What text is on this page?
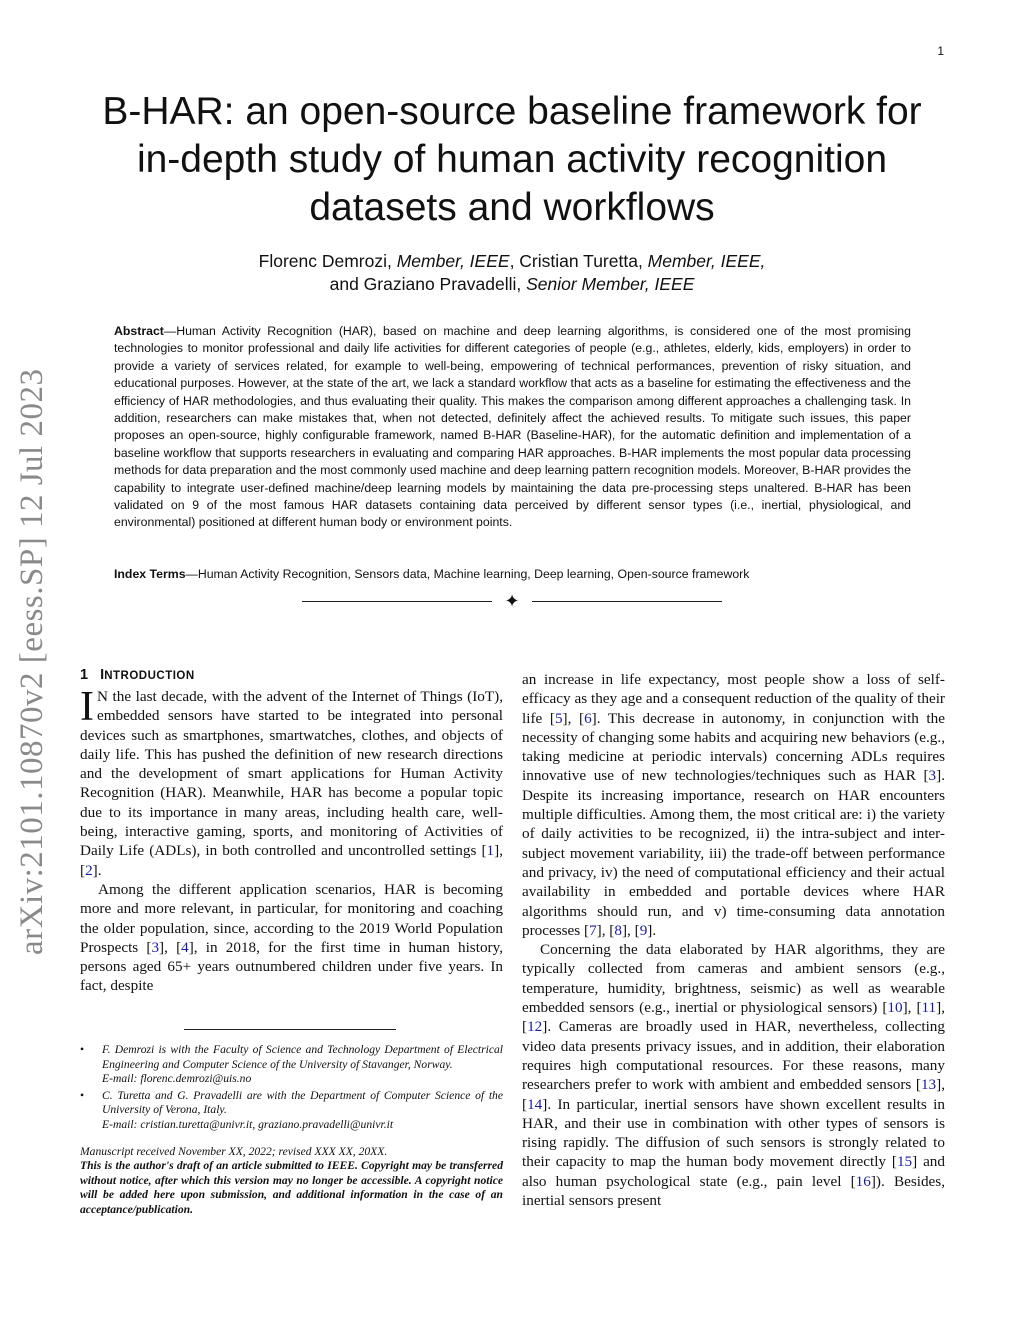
1
arXiv:2101.10870v2 [eess.SP] 12 Jul 2023
B-HAR: an open-source baseline framework for in-depth study of human activity recognition datasets and workflows
Florenc Demrozi, Member, IEEE, Cristian Turetta, Member, IEEE,
and Graziano Pravadelli, Senior Member, IEEE
Abstract—Human Activity Recognition (HAR), based on machine and deep learning algorithms, is considered one of the most promising technologies to monitor professional and daily life activities for different categories of people (e.g., athletes, elderly, kids, employers) in order to provide a variety of services related, for example to well-being, empowering of technical performances, prevention of risky situation, and educational purposes. However, at the state of the art, we lack a standard workflow that acts as a baseline for estimating the effectiveness and the efficiency of HAR methodologies, and thus evaluating their quality. This makes the comparison among different approaches a challenging task. In addition, researchers can make mistakes that, when not detected, definitely affect the achieved results. To mitigate such issues, this paper proposes an open-source, highly configurable framework, named B-HAR (Baseline-HAR), for the automatic definition and implementation of a baseline workflow that supports researchers in evaluating and comparing HAR approaches. B-HAR implements the most popular data processing methods for data preparation and the most commonly used machine and deep learning pattern recognition models. Moreover, B-HAR provides the capability to integrate user-defined machine/deep learning models by maintaining the data pre-processing steps unaltered. B-HAR has been validated on 9 of the most famous HAR datasets containing data perceived by different sensor types (i.e., inertial, physiological, and environmental) positioned at different human body or environment points.
Index Terms—Human Activity Recognition, Sensors data, Machine learning, Deep learning, Open-source framework
✦
1 INTRODUCTION

I N the last decade, with the advent of the Internet of Things (IoT), embedded sensors have started to be integrated into personal devices such as smartphones, smartwatches, clothes, and objects of daily life. This has pushed the definition of new research directions and the development of smart applications for Human Activity Recognition (HAR). Meanwhile, HAR has become a popular topic due to its importance in many areas, including health care, well-being, interactive gaming, sports, and monitoring of Activities of Daily Life (ADLs), in both controlled and uncontrolled settings [1], [2].

Among the different application scenarios, HAR is becoming more and more relevant, in particular, for monitoring and coaching the older population, since, according to the 2019 World Population Prospects [3], [4], in 2018, for the first time in human history, persons aged 65+ years outnumbered children under five years. In fact, despite

• F. Demrozi is with the Faculty of Science and Technology Department of Electrical Engineering and Computer Science of the University of Stavanger, Norway.
E-mail: florenc.demrozi@uis.no
• C. Turetta and G. Pravadelli are with the Department of Computer Science of the University of Verona, Italy.
E-mail: cristian.turetta@univr.it, graziano.pravadelli@univr.it
Manuscript received November XX, 2022; revised XXX XX, 20XX.
This is the author's draft of an article submitted to IEEE. Copyright may be transferred without notice, after which this version may no longer be accessible. A copyright notice will be added here upon submission, and additional information in the case of an acceptance/publication.

an increase in life expectancy, most people show a loss of self-efficacy as they age and a consequent reduction of the quality of their life [5], [6]. This decrease in autonomy, in conjunction with the necessity of changing some habits and acquiring new behaviors (e.g., taking medicine at periodic intervals) concerning ADLs requires innovative use of new technologies/techniques such as HAR [3]. Despite its increasing importance, research on HAR encounters multiple difficulties. Among them, the most critical are: i) the variety of daily activities to be recognized, ii) the intra-subject and inter-subject movement variability, iii) the trade-off between performance and privacy, iv) the need of computational efficiency and their actual availability in embedded and portable devices where HAR algorithms should run, and v) time-consuming data annotation processes [7], [8], [9].

Concerning the data elaborated by HAR algorithms, they are typically collected from cameras and ambient sensors (e.g., temperature, humidity, brightness, seismic) as well as wearable embedded sensors (e.g., inertial or physiological sensors) [10], [11], [12]. Cameras are broadly used in HAR, nevertheless, collecting video data presents privacy issues, and in addition, their elaboration requires high computational resources. For these reasons, many researchers prefer to work with ambient and embedded sensors [13], [14]. In particular, inertial sensors have shown excellent results in HAR, and their use in combination with other types of sensors is rising rapidly. The diffusion of such sensors is strongly related to their capacity to map the human body movement directly [15] and also human psychological state (e.g., pain level [16]). Besides, inertial sensors present
